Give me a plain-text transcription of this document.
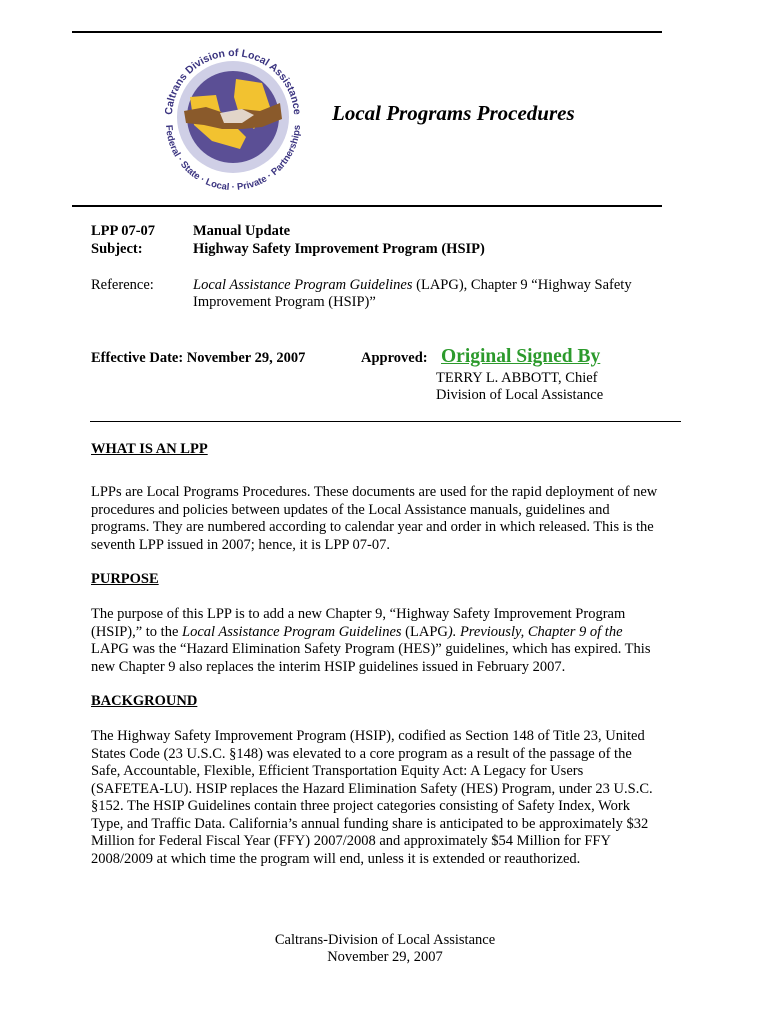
Caltrans Division of Local Assistance
Federal · State · Local · Private · Partnerships
Local Programs Procedures
LPP 07-07	Manual Update
Subject:	Highway Safety Improvement Program (HSIP)
Reference:	Local Assistance Program Guidelines (LAPG), Chapter 9 “Highway Safety
Improvement Program (HSIP)”
Effective Date: November 29, 2007	Approved: Original Signed By
TERRY L. ABBOTT, Chief
Division of Local Assistance
WHAT IS AN LPP
LPPs are Local Programs Procedures. These documents are used for the rapid deployment of new
procedures and policies between updates of the Local Assistance manuals, guidelines and
programs. They are numbered according to calendar year and order in which released. This is the
seventh LPP issued in 2007; hence, it is LPP 07-07.
PURPOSE
The purpose of this LPP is to add a new Chapter 9, “Highway Safety Improvement Program
(HSIP),” to the Local Assistance Program Guidelines (LAPG). Previously, Chapter 9 of the
LAPG was the “Hazard Elimination Safety Program (HES)” guidelines, which has expired. This
new Chapter 9 also replaces the interim HSIP guidelines issued in February 2007.
BACKGROUND
The Highway Safety Improvement Program (HSIP), codified as Section 148 of Title 23, United
States Code (23 U.S.C. §148) was elevated to a core program as a result of the passage of the
Safe, Accountable, Flexible, Efficient Transportation Equity Act: A Legacy for Users
(SAFETEA-LU). HSIP replaces the Hazard Elimination Safety (HES) Program, under 23 U.S.C.
§152. The HSIP Guidelines contain three project categories consisting of Safety Index, Work
Type, and Traffic Data. California’s annual funding share is anticipated to be approximately $32
Million for Federal Fiscal Year (FFY) 2007/2008 and approximately $54 Million for FFY
2008/2009 at which time the program will end, unless it is extended or reauthorized.
Caltrans-Division of Local Assistance
November 29, 2007
